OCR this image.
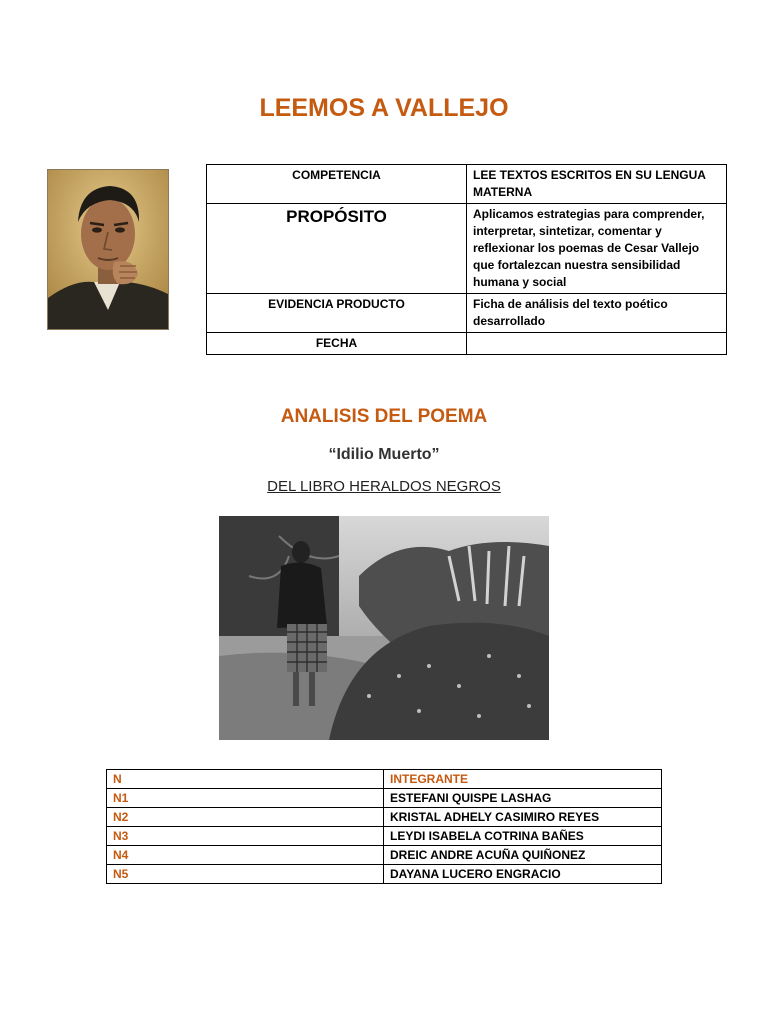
LEEMOS A VALLEJO
COMPETENCIA	LEE TEXTOS ESCRITOS EN SU LENGUA MATERNA
PROPÓSITO	Aplicamos estrategias para comprender, interpretar, sintetizar, comentar y reflexionar los poemas de Cesar Vallejo que fortalezcan nuestra sensibilidad humana y social
EVIDENCIA PRODUCTO	Ficha de análisis del texto poético desarrollado
FECHA	
ANALISIS DEL POEMA
“Idilio Muerto”
DEL LIBRO HERALDOS NEGROS
N	INTEGRANTE
N1	ESTEFANI QUISPE LASHAG
N2	KRISTAL ADHELY CASIMIRO REYES
N3	LEYDI ISABELA COTRINA BAÑES
N4	DREIC ANDRE ACUÑA QUIÑONEZ
N5	DAYANA LUCERO ENGRACIO
